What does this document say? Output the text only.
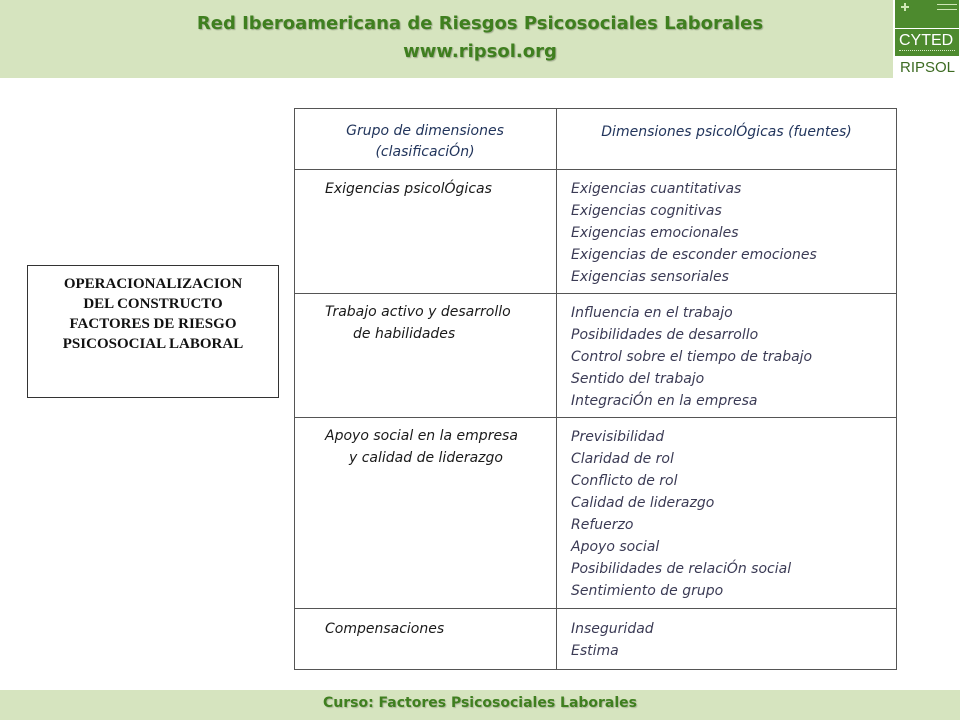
Red Iberoamericana de Riesgos Psicosociales Laborales
www.ripsol.org
CYTED
RIPSOL
OPERACIONALIZACION
DEL CONSTRUCTO
FACTORES DE RIESGO
PSICOSOCIAL LABORAL
Grupo de dimensiones (clasificaciÓn)
Dimensiones psicolÓgicas (fuentes)
Exigencias psicolÓgicas	Exigencias cuantitativas
Exigencias cognitivas
Exigencias emocionales
Exigencias de esconder emociones
Exigencias sensoriales
Trabajo activo y desarrollo
de habilidades
Influencia en el trabajo
Posibilidades de desarrollo
Control sobre el tiempo de trabajo
Sentido del trabajo
IntegraciÓn en la empresa
Apoyo social en la empresa
y calidad de liderazgo
Previsibilidad
Claridad de rol
Conflicto de rol
Calidad de liderazgo
Refuerzo
Apoyo social
Posibilidades de relaciÓn social
Sentimiento de grupo
Compensaciones	Inseguridad
Estima
Curso: Factores Psicosociales Laborales
